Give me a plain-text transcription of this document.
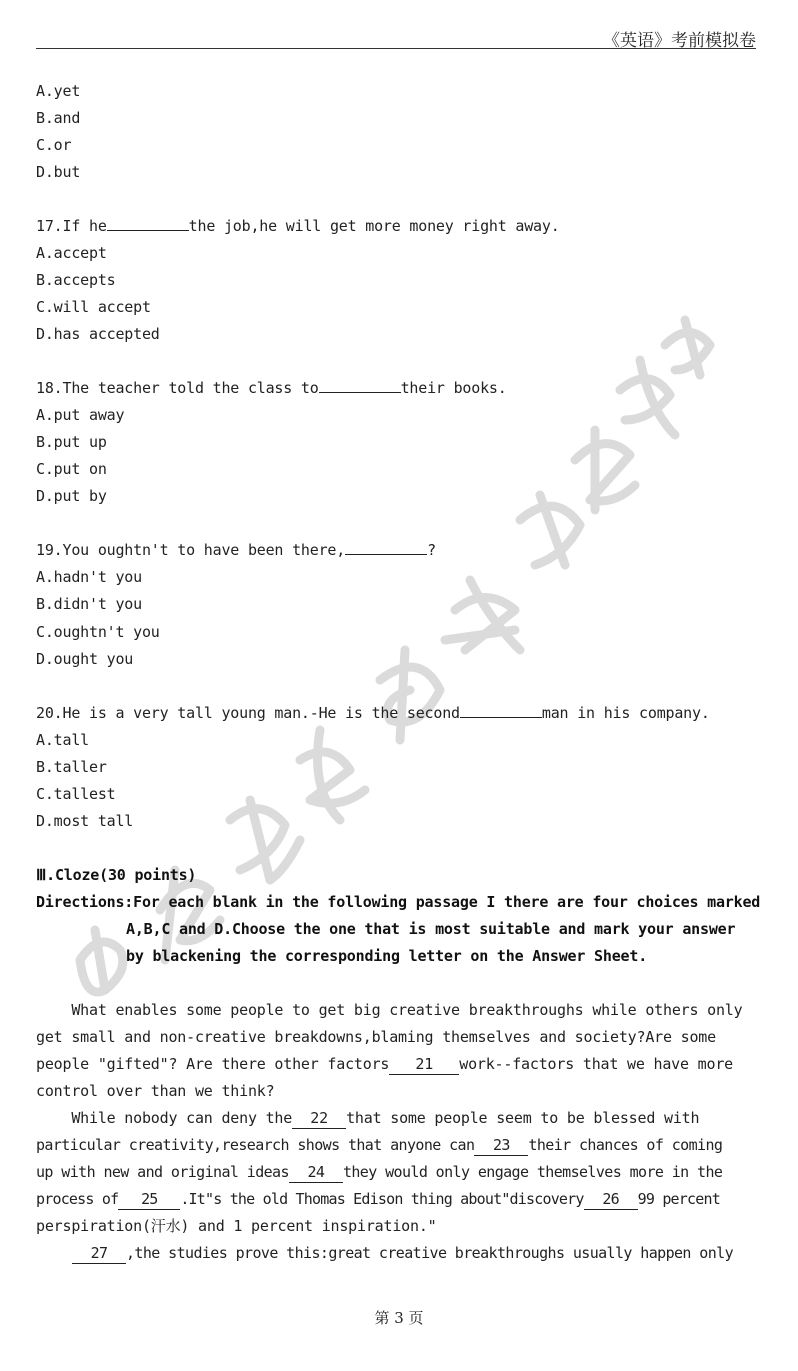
《英语》考前模拟卷
A.yet
B.and
C.or
D.but
17.If he	the job,he will get more money right away.
A.accept
B.accepts
C.will accept
D.has accepted
18.The teacher told the class to	their books.
A.put away
B.put up
C.put on
D.put by
19.You oughtn't to have been there,	?
A.hadn't you
B.didn't you
C.oughtn't you
D.ought you
20.He is a very tall young man.-He is the second	man in his company.
A.tall
B.taller
C.tallest
D.most tall
Ⅲ.Cloze(30 points)
Directions:For each blank in the following passage I there are four choices marked
A,B,C and D.Choose the one that is most suitable and mark your answer
by blackening the corresponding letter on the Answer Sheet.
What enables some people to get big creative breakthroughs while others only
get small and non-creative breakdowns,blaming themselves and society?Are some
people "gifted"? Are there other factors 21 work--factors that we have more
control over than we think?
While nobody can deny the 22 that some people seem to be blessed with
particular creativity,research shows that anyone can 23 their chances of coming
up with new and original ideas 24 they would only engage themselves more in the
process of 25 .It"s the old Thomas Edison thing about"discovery 26 99 percent
perspiration(汗水) and 1 percent inspiration."
27 ,the studies prove this:great creative breakthroughs usually happen only
第 3 页
